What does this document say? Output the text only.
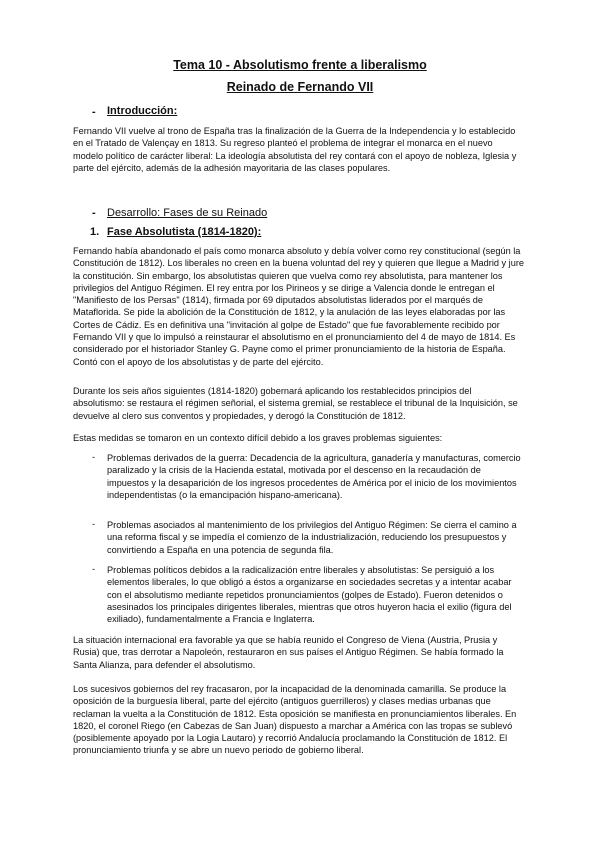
Tema 10 - Absolutismo frente a liberalismo
Reinado de Fernando VII
- Introducción:

Fernando VII vuelve al trono de España tras la finalización de la Guerra de la Independencia y lo establecido en el Tratado de Valençay en 1813. Su regreso planteó el problema de integrar el monarca en el nuevo modelo político de carácter liberal: La ideología absolutista del rey contará con el apoyo de nobleza, Iglesia y parte del ejército, además de la adhesión mayoritaria de las clases populares.

- Desarrollo: Fases de su Reinado
1. Fase Absolutista (1814-1820):

Fernando había abandonado el país como monarca absoluto y debía volver como rey constitucional (según la Constitución de 1812). Los liberales no creen en la buena voluntad del rey y quieren que llegue a Madrid y jure la constitución. Sin embargo, los absolutistas quieren que vuelva como rey absolutista, para mantener los privilegios del Antiguo Régimen. El rey entra por los Pirineos y se dirige a Valencia donde le entregan el "Manifiesto de los Persas" (1814), firmada por 69 diputados absolutistas liderados por el marqués de Mataflorida. Se pide la abolición de la Constitución de 1812, y la anulación de las leyes elaboradas por las Cortes de Cádiz. Es en definitiva una "invitación al golpe de Estado" que fue favorablemente recibido por Fernando VII y que lo impulsó a reinstaurar el absolutismo en el pronunciamiento del 4 de mayo de 1814. Es considerado por el historiador Stanley G. Payne como el primer pronunciamiento de la historia de España. Contó con el apoyo de los absolutistas y de parte del ejército.

Durante los seis años siguientes (1814-1820) gobernará aplicando los restablecidos principios del absolutismo: se restaura el régimen señorial, el sistema gremial, se restablece el tribunal de la Inquisición, se devuelve al clero sus conventos y propiedades, y derogó la Constitución de 1812.

Estas medidas se tomaron en un contexto difícil debido a los graves problemas siguientes:

- Problemas derivados de la guerra: Decadencia de la agricultura, ganadería y manufacturas, comercio paralizado y la crisis de la Hacienda estatal, motivada por el descenso en la recaudación de impuestos y la desaparición de los ingresos procedentes de América por el inicio de los movimientos independentistas (o la emancipación hispano-americana).

- Problemas asociados al mantenimiento de los privilegios del Antiguo Régimen: Se cierra el camino a una reforma fiscal y se impedía el comienzo de la industrialización, reduciendo los presupuestos y convirtiendo a España en una potencia de segunda fila.

- Problemas políticos debidos a la radicalización entre liberales y absolutistas: Se persiguió a los elementos liberales, lo que obligó a éstos a organizarse en sociedades secretas y a intentar acabar con el absolutismo mediante repetidos pronunciamientos (golpes de Estado). Fueron detenidos o asesinados los principales dirigentes liberales, mientras que otros huyeron hacia el exilio (figura del exiliado), fundamentalmente a Francia e Inglaterra.

La situación internacional era favorable ya que se había reunido el Congreso de Viena (Austria, Prusia y Rusia) que, tras derrotar a Napoleón, restauraron en sus países el Antiguo Régimen. Se había formado la Santa Alianza, para defender el absolutismo.

Los sucesivos gobiernos del rey fracasaron, por la incapacidad de la denominada camarilla. Se produce la oposición de la burguesía liberal, parte del ejército (antiguos guerrilleros) y clases medias urbanas que reclaman la vuelta a la Constitución de 1812. Esta oposición se manifiesta en pronunciamientos liberales. En 1820, el coronel Riego (en Cabezas de San Juan) dispuesto a marchar a América con las tropas se sublevó (posiblemente apoyado por la Logia Lautaro) y recorrió Andalucía proclamando la Constitución de 1812. El pronunciamiento triunfa y se abre un nuevo periodo de gobierno liberal.
